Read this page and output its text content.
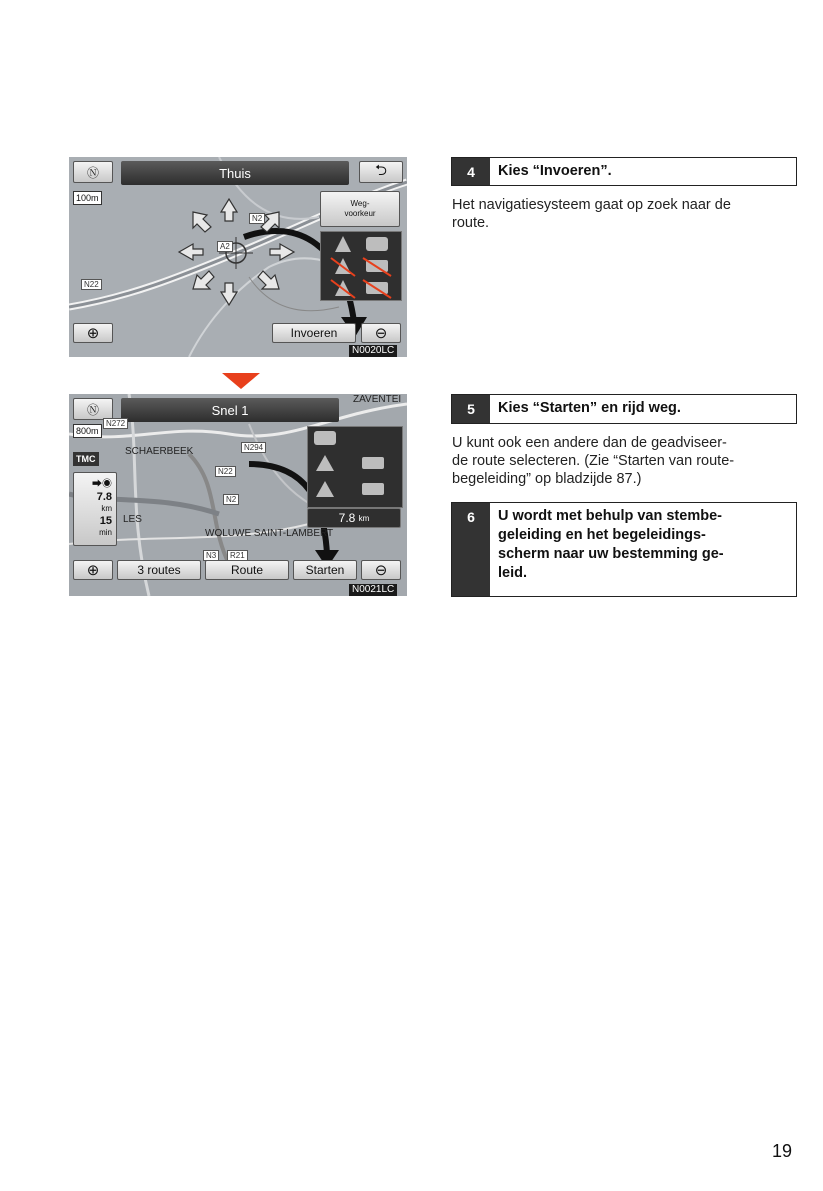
Ⓝ	Thuis	⮌
100m
N2
A2
N22
Weg-
voorkeur
⊕	Invoeren	⊖
N0020LC
Ⓝ	Snel 1
ZAVENTEI
800m
N272
TMC
SCHAERBEEK	N294
N22
N2
N3	R21
LES
WOLUWE SAINT-LAMBERT
⮕◉
7.8
km
15
min
7.8
km
⊕	3 routes	Route	Starten	⊖
N0021LC
4	Kies “Invoeren”.
Het navigatiesysteem gaat op zoek naar de
route.
5	Kies “Starten” en rijd weg.
U kunt ook een andere dan de geadviseer-
de route selecteren. (Zie “Starten van route-
begeleiding” op bladzijde 87.)
6	U wordt met behulp van stembe-
geleiding en het begeleidings-
scherm naar uw bestemming ge-
leid.
19
